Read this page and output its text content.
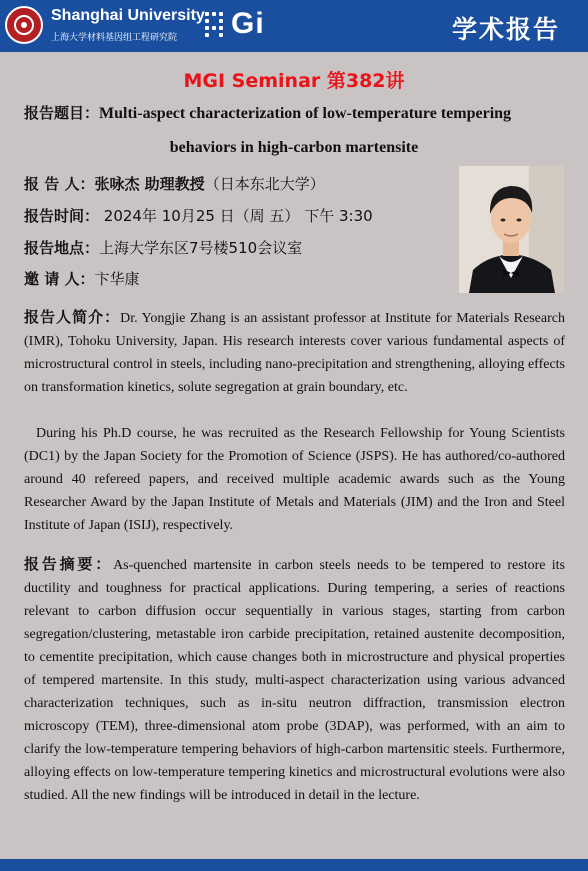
Shanghai University
上海大学材料基因组工程研究院 Gi	学术报告
MGI Seminar 第382讲
报告题目：Multi-aspect characterization of low-temperature tempering
behaviors in high-carbon martensite
报 告 人：张咏杰 助理教授（日本东北大学）
报告时间： 2024年 10月25 日（周 五） 下午 3:30
报告地点：上海大学东区7号楼510会议室
邀 请 人：卞华康

报告人简介：Dr. Yongjie Zhang is an assistant professor at Institute for Materials Research (IMR), Tohoku University, Japan. His research interests cover various fundamental aspects of microstructural control in steels, including nano-precipitation and strengthening, alloying effects on transformation kinetics, solute segregation at grain boundary, etc.

During his Ph.D course, he was recruited as the Research Fellowship for Young Scientists (DC1) by the Japan Society for the Promotion of Science (JSPS). He has authored/co-authored around 40 refereed papers, and received multiple academic awards such as the Young Researcher Award by the Japan Institute of Metals and Materials (JIM) and the Iron and Steel Institute of Japan (ISIJ), respectively.

报告摘要：As-quenched martensite in carbon steels needs to be tempered to restore its ductility and toughness for practical applications. During tempering, a series of reactions relevant to carbon diffusion occur sequentially in various stages, starting from carbon segregation/clustering, metastable iron carbide precipitation, retained austenite decomposition, to cementite precipitation, which cause changes both in microstructure and physical properties of tempered martensite. In this study, multi-aspect characterization using various advanced characterization techniques, such as in-situ neutron diffraction, transmission electron microscopy (TEM), three-dimensional atom probe (3DAP), was performed, with an aim to clarify the low-temperature tempering behaviors of high-carbon martensitic steels. Furthermore, alloying effects on low-temperature tempering kinetics and microstructural evolutions were also studied. All the new findings will be introduced in detail in the lecture.
